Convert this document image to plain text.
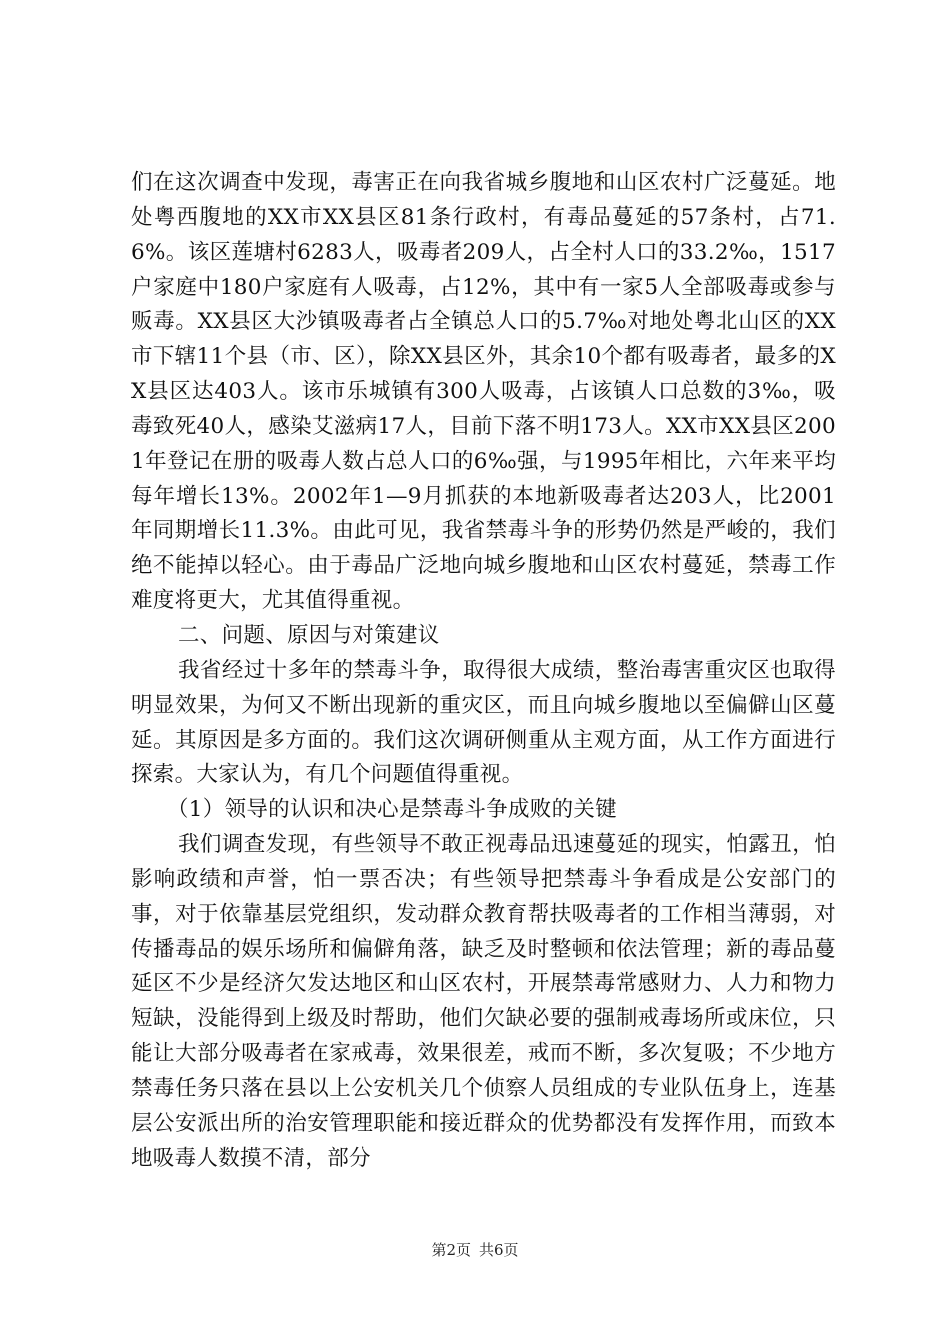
们在这次调查中发现，毒害正在向我省城乡腹地和山区农村广泛蔓延。地处粤西腹地的XX市XX县区81条行政村，有毒品蔓延的57条村，占71.6%。该区莲塘村6283人，吸毒者209人，占全村人口的33.2‰，1517户家庭中180户家庭有人吸毒，占12%，其中有一家5人全部吸毒或参与贩毒。XX县区大沙镇吸毒者占全镇总人口的5.7‰对地处粤北山区的XX市下辖11个县（市、区），除XX县区外，其余10个都有吸毒者，最多的XX县区达403人。该市乐城镇有300人吸毒，占该镇人口总数的3‰，吸毒致死40人，感染艾滋病17人，目前下落不明173人。XX市XX县区2001年登记在册的吸毒人数占总人口的6‰强，与1995年相比，六年来平均每年增长13%。2002年1—9月抓获的本地新吸毒者达203人，比2001年同期增长11.3%。由此可见，我省禁毒斗争的形势仍然是严峻的，我们绝不能掉以轻心。由于毒品广泛地向城乡腹地和山区农村蔓延，禁毒工作难度将更大，尤其值得重视。

二、问题、原因与对策建议

我省经过十多年的禁毒斗争，取得很大成绩，整治毒害重灾区也取得明显效果，为何又不断出现新的重灾区，而且向城乡腹地以至偏僻山区蔓延。其原因是多方面的。我们这次调研侧重从主观方面，从工作方面进行探索。大家认为，有几个问题值得重视。

（1）领导的认识和决心是禁毒斗争成败的关键

我们调查发现，有些领导不敢正视毒品迅速蔓延的现实，怕露丑，怕影响政绩和声誉，怕一票否决；有些领导把禁毒斗争看成是公安部门的事，对于依靠基层党组织，发动群众教育帮扶吸毒者的工作相当薄弱，对传播毒品的娱乐场所和偏僻角落，缺乏及时整顿和依法管理；新的毒品蔓延区不少是经济欠发达地区和山区农村，开展禁毒常感财力、人力和物力短缺，没能得到上级及时帮助，他们欠缺必要的强制戒毒场所或床位，只能让大部分吸毒者在家戒毒，效果很差，戒而不断，多次复吸；不少地方禁毒任务只落在县以上公安机关几个侦察人员组成的专业队伍身上，连基层公安派出所的治安管理职能和接近群众的优势都没有发挥作用，而致本地吸毒人数摸不清，部分

第2页 共6页
